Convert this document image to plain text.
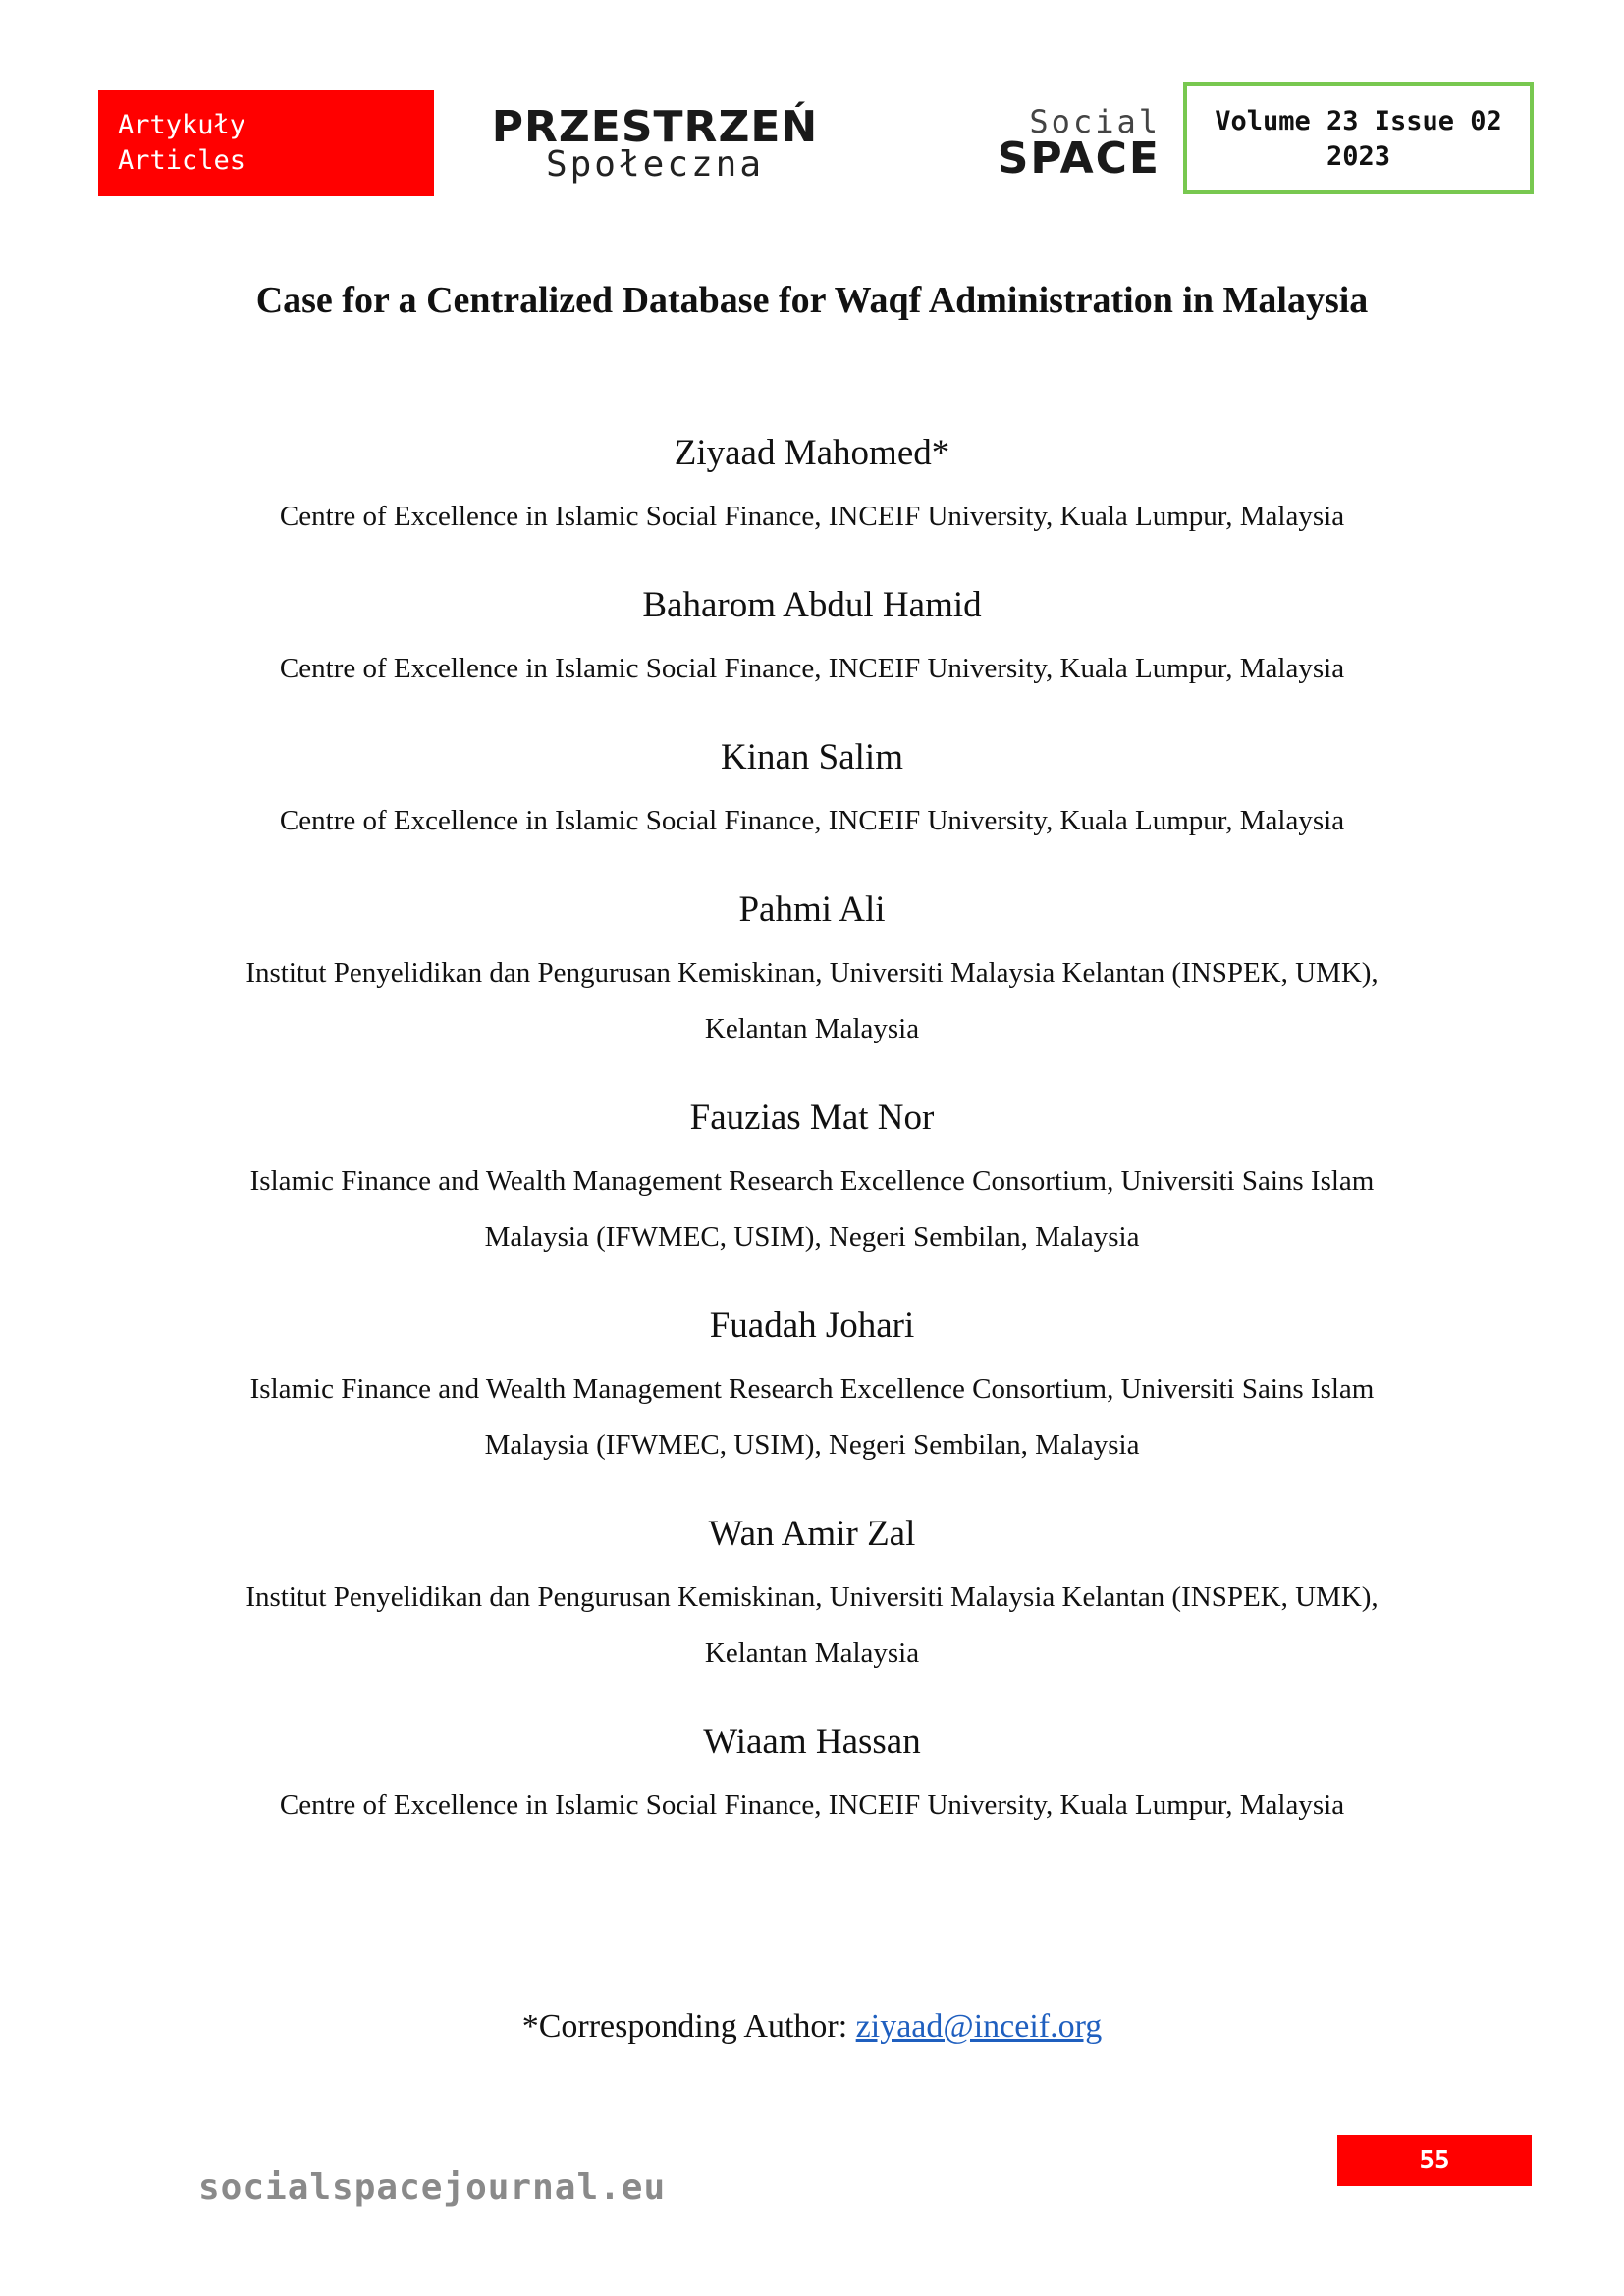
Artykuły
Articles
PRZESTRZEŃ
Społeczna
Social
SPACE
Volume 23 Issue 02
2023
Case for a Centralized Database for Waqf Administration in Malaysia
Ziyaad Mahomed*
Centre of Excellence in Islamic Social Finance, INCEIF University, Kuala Lumpur, Malaysia
Baharom Abdul Hamid
Centre of Excellence in Islamic Social Finance, INCEIF University, Kuala Lumpur, Malaysia
Kinan Salim
Centre of Excellence in Islamic Social Finance, INCEIF University, Kuala Lumpur, Malaysia
Pahmi Ali
Institut Penyelidikan dan Pengurusan Kemiskinan, Universiti Malaysia Kelantan (INSPEK, UMK), Kelantan Malaysia
Fauzias Mat Nor
Islamic Finance and Wealth Management Research Excellence Consortium, Universiti Sains Islam Malaysia (IFWMEC, USIM), Negeri Sembilan, Malaysia
Fuadah Johari
Islamic Finance and Wealth Management Research Excellence Consortium, Universiti Sains Islam Malaysia (IFWMEC, USIM), Negeri Sembilan, Malaysia
Wan Amir Zal
Institut Penyelidikan dan Pengurusan Kemiskinan, Universiti Malaysia Kelantan (INSPEK, UMK), Kelantan Malaysia
Wiaam Hassan
Centre of Excellence in Islamic Social Finance, INCEIF University, Kuala Lumpur, Malaysia
*Corresponding Author: ziyaad@inceif.org
55
socialspacejournal.eu
